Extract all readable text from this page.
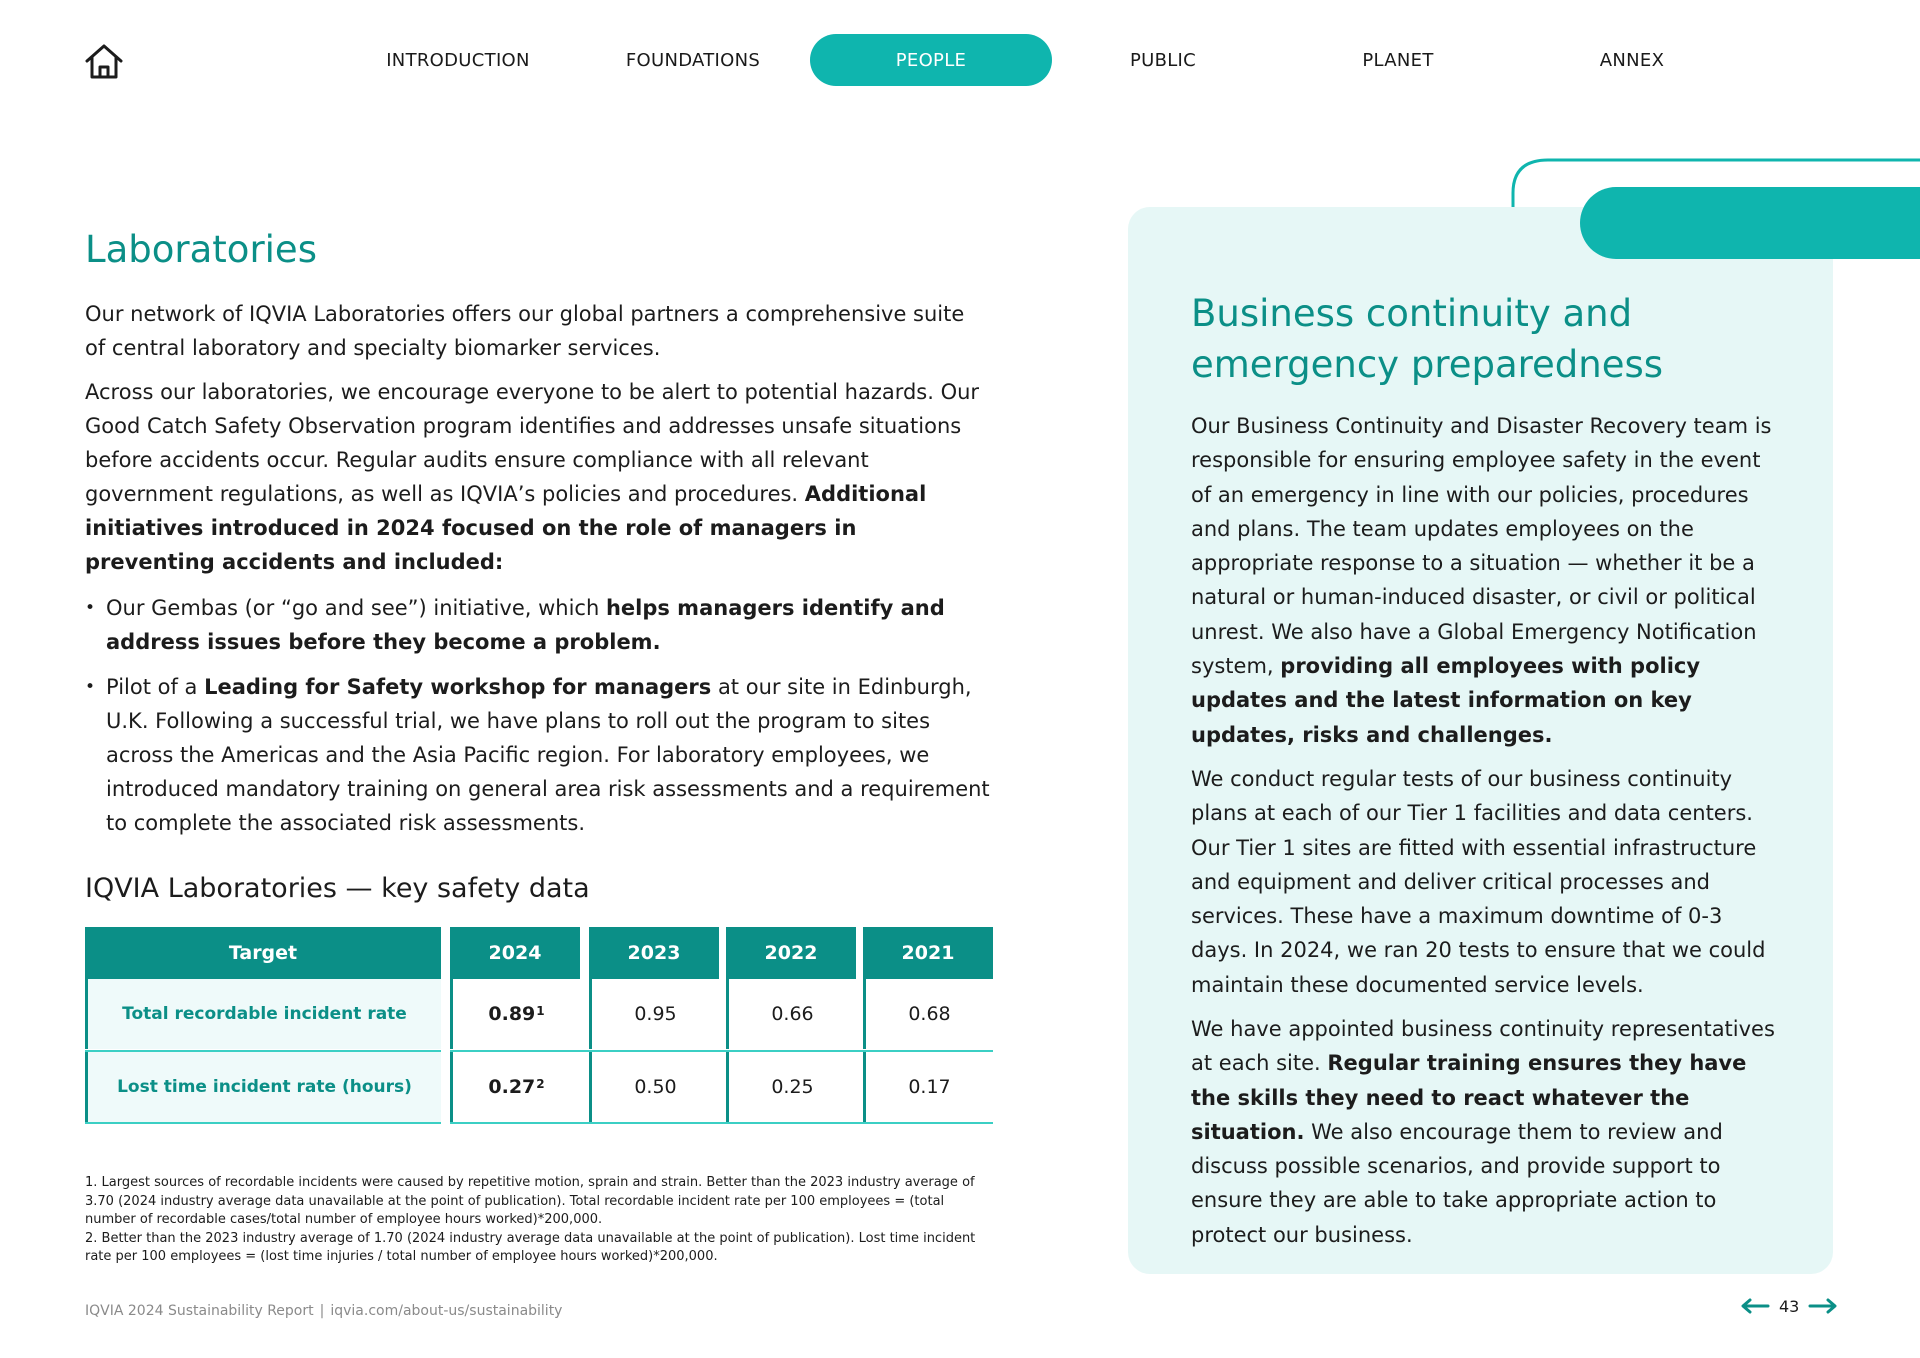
INTRODUCTION	FOUNDATIONS	PEOPLE	PUBLIC	PLANET	ANNEX
Laboratories

Our network of IQVIA Laboratories offers our global partners a comprehensive suite of central laboratory and specialty biomarker services.

Across our laboratories, we encourage everyone to be alert to potential hazards. Our Good Catch Safety Observation program identifies and addresses unsafe situations before accidents occur. Regular audits ensure compliance with all relevant government regulations, as well as IQVIA’s policies and procedures. Additional initiatives introduced in 2024 focused on the role of managers in preventing accidents and included:

• Our Gembas (or “go and see”) initiative, which helps managers identify and address issues before they become a problem.
• Pilot of a Leading for Safety workshop for managers at our site in Edinburgh, U.K. Following a successful trial, we have plans to roll out the program to sites across the Americas and the Asia Pacific region. For laboratory employees, we introduced mandatory training on general area risk assessments and a requirement to complete the associated risk assessments.
IQVIA Laboratories — key safety data
Target	2024	2023	2022	2021
Total recordable incident rate	0.89$^1$	0.95	0.66	0.68
Lost time incident rate (hours)	0.27$^2$	0.50	0.25	0.17
1. Largest sources of recordable incidents were caused by repetitive motion, sprain and strain. Better than the 2023 industry average of 3.70 (2024 industry average data unavailable at the point of publication). Total recordable incident rate per 100 employees = (total number of recordable cases/total number of employee hours worked)*200,000.
2. Better than the 2023 industry average of 1.70 (2024 industry average data unavailable at the point of publication). Lost time incident rate per 100 employees = (lost time injuries / total number of employee hours worked)*200,000.
Business continuity and emergency preparedness

Our Business Continuity and Disaster Recovery team is responsible for ensuring employee safety in the event of an emergency in line with our policies, procedures and plans. The team updates employees on the appropriate response to a situation — whether it be a natural or human-induced disaster, or civil or political unrest. We also have a Global Emergency Notification system, providing all employees with policy updates and the latest information on key updates, risks and challenges.

We conduct regular tests of our business continuity plans at each of our Tier 1 facilities and data centers. Our Tier 1 sites are fitted with essential infrastructure and equipment and deliver critical processes and services. These have a maximum downtime of 0-3 days. In 2024, we ran 20 tests to ensure that we could maintain these documented service levels.

We have appointed business continuity representatives at each site. Regular training ensures they have the skills they need to react whatever the situation. We also encourage them to review and discuss possible scenarios, and provide support to ensure they are able to take appropriate action to protect our business.

IQVIA 2024 Sustainability Report | iqvia.com/about-us/sustainability	43
